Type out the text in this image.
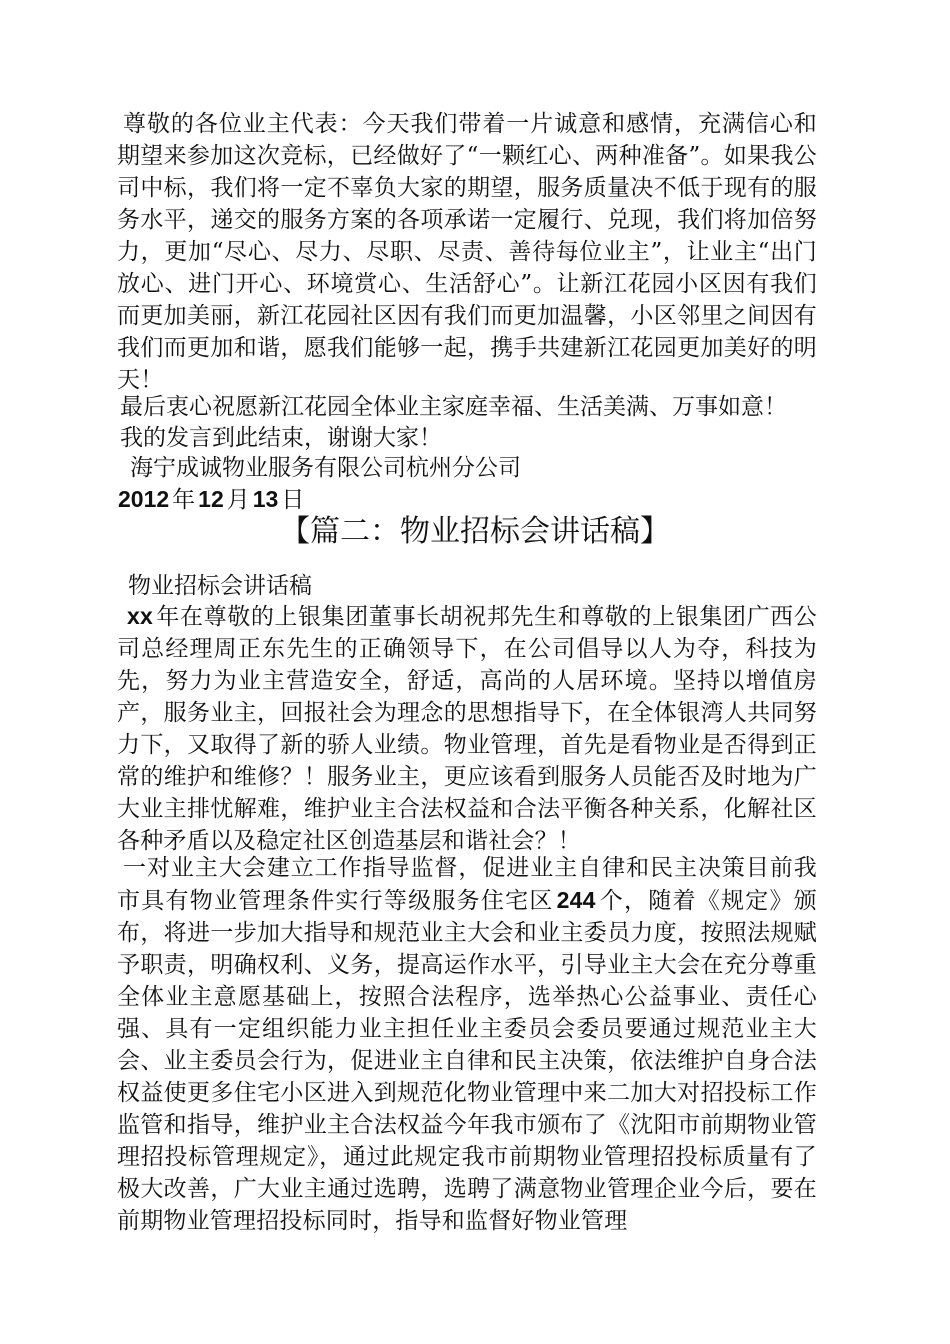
尊敬的各位业主代表：今天我们带着一片诚意和感情，充满信心和期望来参加这次竞标，已经做好了“一颗红心、两种准备”。如果我公司中标，我们将一定不辜负大家的期望，服务质量决不低于现有的服务水平，递交的服务方案的各项承诺一定履行、兑现，我们将加倍努力，更加“尽心、尽力、尽职、尽责、善待每位业主”，让业主“出门放心、进门开心、环境赏心、生活舒心”。让新江花园小区因有我们而更加美丽，新江花园社区因有我们而更加温馨，小区邻里之间因有我们而更加和谐，愿我们能够一起，携手共建新江花园更加美好的明天！

最后衷心祝愿新江花园全体业主家庭幸福、生活美满、万事如意！
我的发言到此结束，谢谢大家！
海宁成诚物业服务有限公司杭州分公司
2012 年 12 月 13 日
【篇二：物业招标会讲话稿】
物业招标会讲话稿

xx 年在尊敬的上银集团董事长胡祝邦先生和尊敬的上银集团广西公司总经理周正东先生的正确领导下，在公司倡导以人为夺，科技为先，努力为业主营造安全，舒适，高尚的人居环境。坚持以增值房产，服务业主，回报社会为理念的思想指导下，在全体银湾人共同努力下，又取得了新的骄人业绩。物业管理，首先是看物业是否得到正常的维护和维修？！服务业主，更应该看到服务人员能否及时地为广大业主排忧解难，维护业主合法权益和合法平衡各种关系，化解社区各种矛盾以及稳定社区创造基层和谐社会？！

一对业主大会建立工作指导监督，促进业主自律和民主决策目前我市具有物业管理条件实行等级服务住宅区 244 个，随着《规定》颁布，将进一步加大指导和规范业主大会和业主委员力度，按照法规赋予职责，明确权利、义务，提高运作水平，引导业主大会在充分尊重全体业主意愿基础上，按照合法程序，选举热心公益事业、责任心强、具有一定组织能力业主担任业主委员会委员要通过规范业主大会、业主委员会行为，促进业主自律和民主决策，依法维护自身合法权益使更多住宅小区进入到规范化物业管理中来二加大对招投标工作监管和指导，维护业主合法权益今年我市颁布了《沈阳市前期物业管理招投标管理规定》，通过此规定我市前期物业管理招投标质量有了极大改善，广大业主通过选聘，选聘了满意物业管理企业今后，要在前期物业管理招投标同时，指导和监督好物业管理
